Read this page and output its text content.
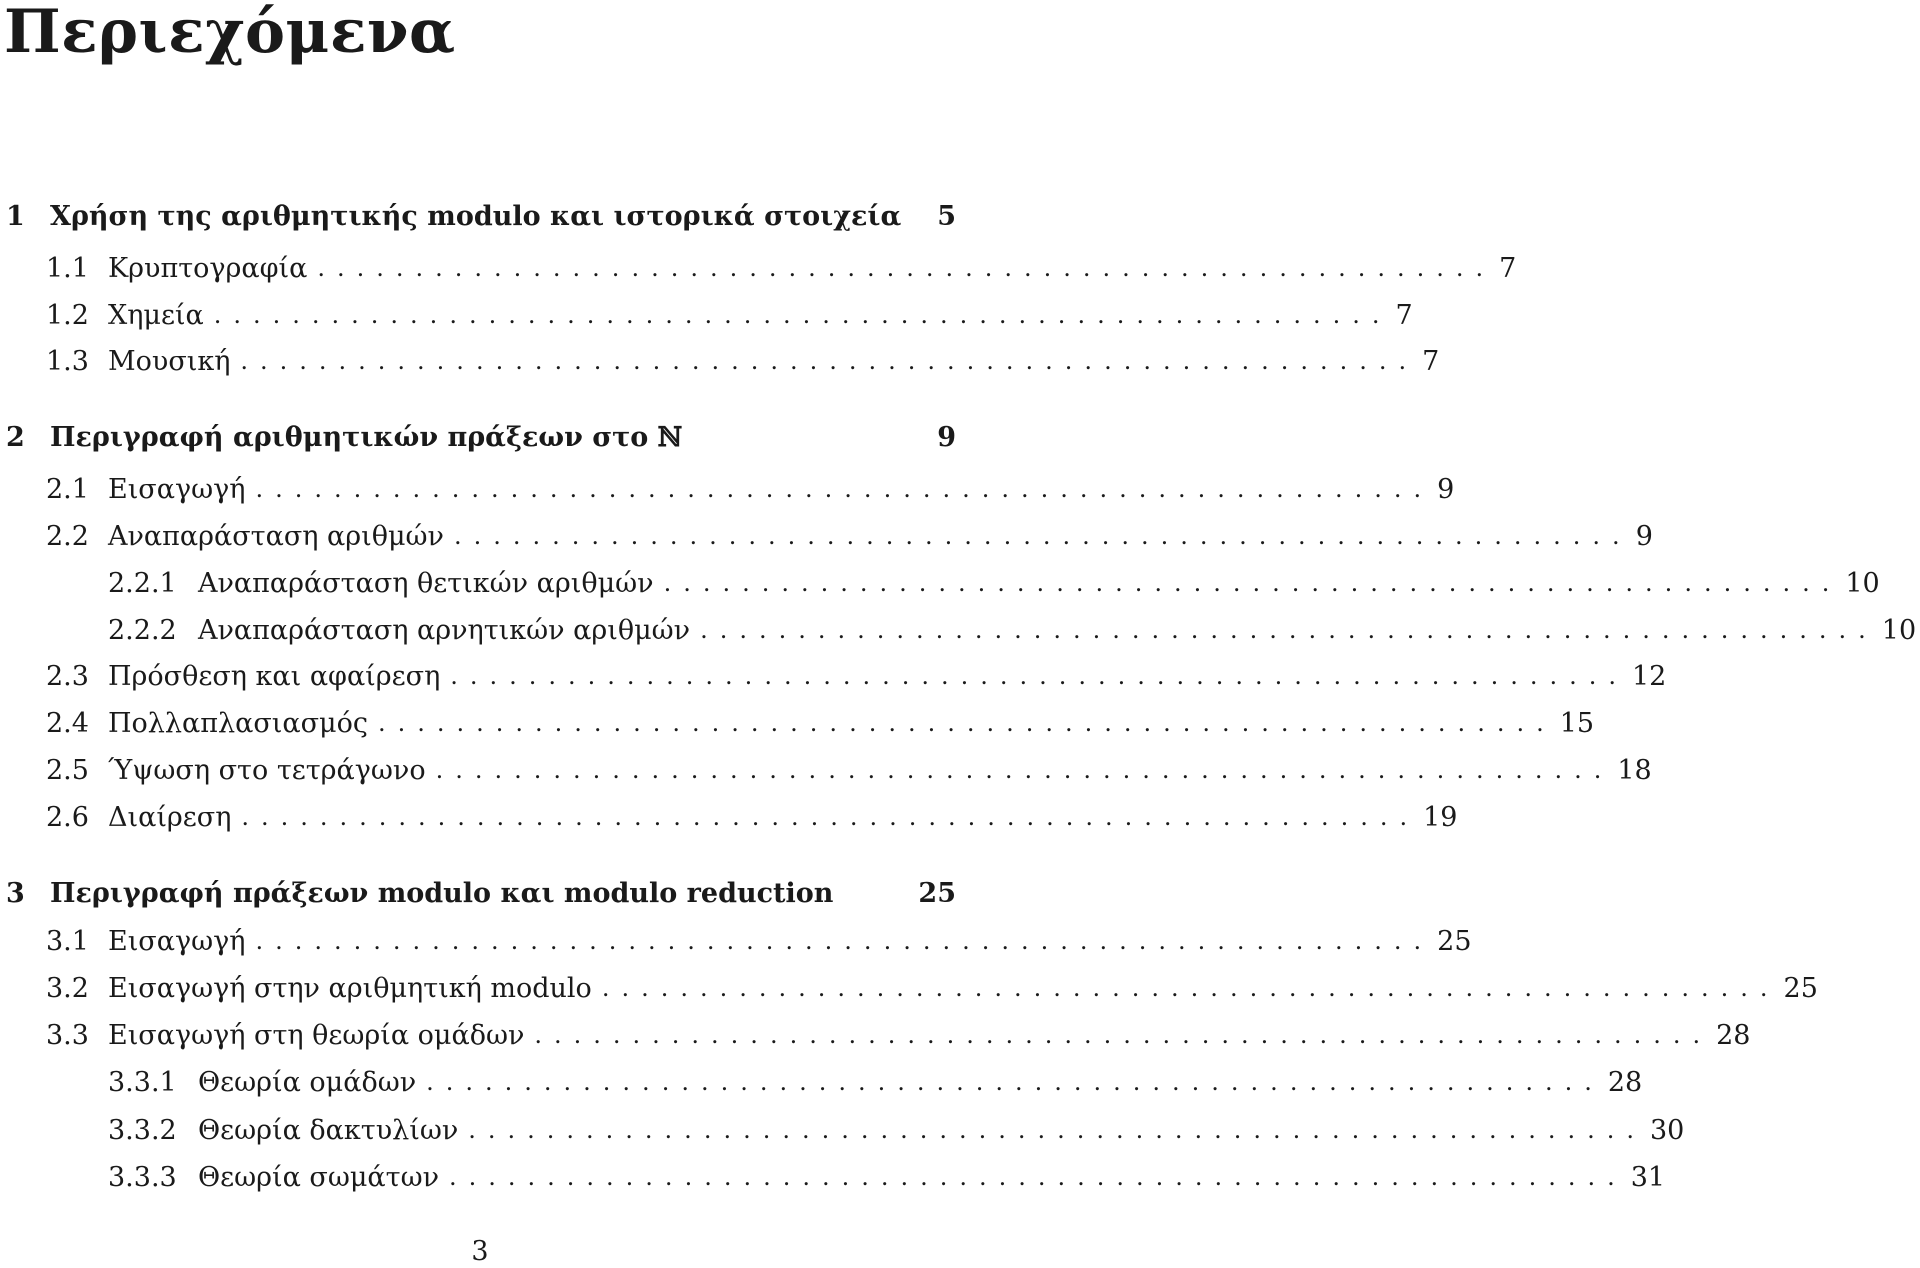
Περιεχόμενα
1 Χρήση της αριθμητικής modulo και ιστορικά στοιχεία 5
1.1 Κρυπτογραφία ............................................................ 7
1.2 Χημεία ............................................................ 7
1.3 Μουσική ............................................................ 7
2 Περιγραφή αριθμητικών πράξεων στο ℕ	9
2.1 Εισαγωγή ............................................................ 9
2.2 Αναπαράσταση αριθμών ............................................................ 9
2.2.1 Αναπαράσταση θετικών αριθμών ............................................................ 10
2.2.2 Αναπαράσταση αρνητικών αριθμών ............................................................ 10
2.3 Πρόσθεση και αφαίρεση ............................................................ 12
2.4 Πολλαπλασιασμός ............................................................ 15
2.5 Ύψωση στο τετράγωνο ............................................................ 18
2.6 Διαίρεση ............................................................ 19
3 Περιγραφή πράξεων modulo και modulo reduction	25
3.1 Εισαγωγή ............................................................ 25
3.2 Εισαγωγή στην αριθμητική modulo ............................................................ 25
3.3 Εισαγωγή στη θεωρία ομάδων ............................................................ 28
3.3.1 Θεωρία ομάδων ............................................................ 28
3.3.2 Θεωρία δακτυλίων ............................................................ 30
3.3.3 Θεωρία σωμάτων ............................................................ 31
3
